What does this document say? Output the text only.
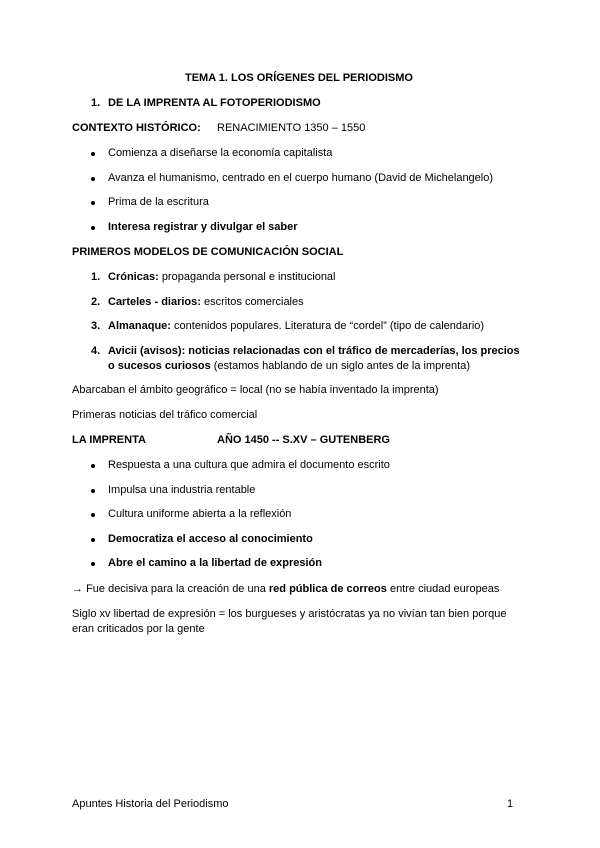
TEMA 1. LOS ORÍGENES DEL PERIODISMO
1. DE LA IMPRENTA AL FOTOPERIODISMO
CONTEXTO HISTÓRICO: RENACIMIENTO 1350 – 1550
Comienza a diseñarse la economía capitalista
Avanza el humanismo, centrado en el cuerpo humano (David de Michelangelo)
Prima de la escritura
Interesa registrar y divulgar el saber
PRIMEROS MODELOS DE COMUNICACIÓN SOCIAL
1. Crónicas: propaganda personal e institucional
2. Carteles - diarios: escritos comerciales
3. Almanaque: contenidos populares. Literatura de “cordel” (tipo de calendario)
4. Avicii (avisos): noticias relacionadas con el tráfico de mercaderías, los precios
o sucesos curiosos (estamos hablando de un siglo antes de la imprenta)
Abarcaban el ámbito geográfico = local (no se había inventado la imprenta)
Primeras noticias del tráfico comercial
LA IMPRENTA	AÑO 1450 -- S.XV – GUTENBERG
Respuesta a una cultura que admira el documento escrito
Impulsa una industria rentable
Cultura uniforme abierta a la reflexión
Democratiza el acceso al conocimiento
Abre el camino a la libertad de expresión
→ Fue decisiva para la creación de una red pública de correos entre ciudad europeas
Siglo xv libertad de expresión = los burgueses y aristócratas ya no vivían tan bien porque
eran criticados por la gente
Apuntes Historia del Periodismo	1
